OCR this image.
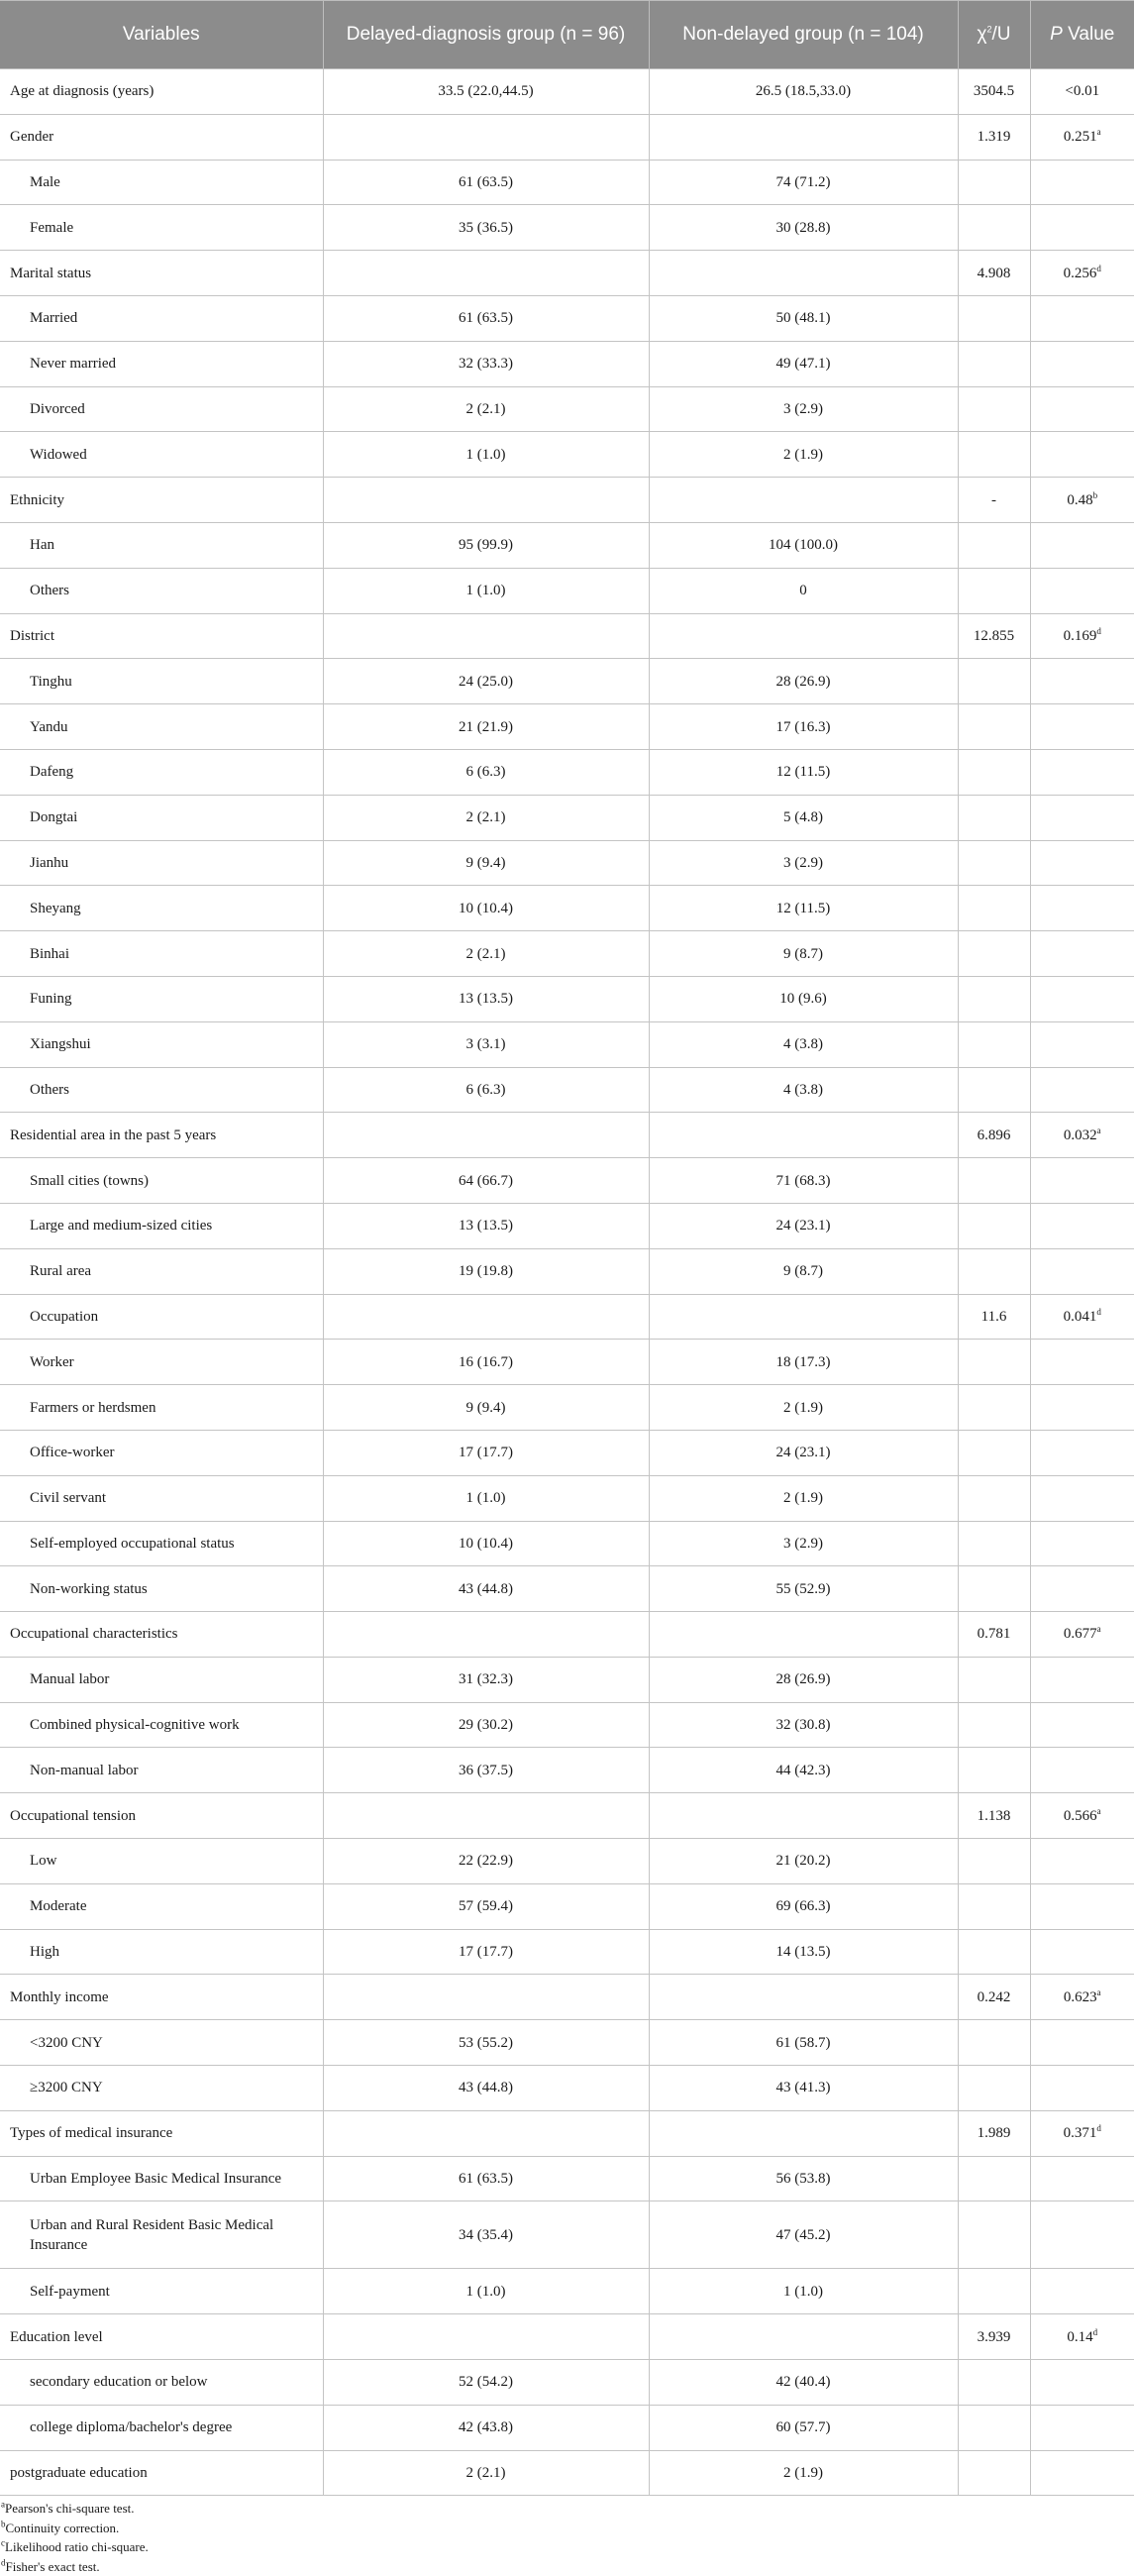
Variables	Delayed-diagnosis group (n = 96)	Non-delayed group (n = 104)	$\chi^2/U$	P Value
Age at diagnosis (years)	33.5 (22.0,44.5)	26.5 (18.5,33.0)	3504.5	<0.01
Gender			1.319	0.251$^a$
Male	61 (63.5)	74 (71.2)		
Female	35 (36.5)	30 (28.8)		
Marital status			4.908	0.256$^d$
Married	61 (63.5)	50 (48.1)		
Never married	32 (33.3)	49 (47.1)		
Divorced	2 (2.1)	3 (2.9)		
Widowed	1 (1.0)	2 (1.9)		
Ethnicity			-	0.48$^b$
Han	95 (99.9)	104 (100.0)		
Others	1 (1.0)	0		
District			12.855	0.169$^d$
Tinghu	24 (25.0)	28 (26.9)		
Yandu	21 (21.9)	17 (16.3)		
Dafeng	6 (6.3)	12 (11.5)		
Dongtai	2 (2.1)	5 (4.8)		
Jianhu	9 (9.4)	3 (2.9)		
Sheyang	10 (10.4)	12 (11.5)		
Binhai	2 (2.1)	9 (8.7)		
Funing	13 (13.5)	10 (9.6)		
Xiangshui	3 (3.1)	4 (3.8)		
Others	6 (6.3)	4 (3.8)		
Residential area in the past 5 years			6.896	0.032$^a$
Small cities (towns)	64 (66.7)	71 (68.3)		
Large and medium-sized cities	13 (13.5)	24 (23.1)		
Rural area	19 (19.8)	9 (8.7)		
Occupation			11.6	0.041$^d$
Worker	16 (16.7)	18 (17.3)		
Farmers or herdsmen	9 (9.4)	2 (1.9)		
Office-worker	17 (17.7)	24 (23.1)		
Civil servant	1 (1.0)	2 (1.9)		
Self-employed occupational status	10 (10.4)	3 (2.9)		
Non-working status	43 (44.8)	55 (52.9)		
Occupational characteristics			0.781	0.677$^a$
Manual labor	31 (32.3)	28 (26.9)		
Combined physical-cognitive work	29 (30.2)	32 (30.8)		
Non-manual labor	36 (37.5)	44 (42.3)		
Occupational tension			1.138	0.566$^a$
Low	22 (22.9)	21 (20.2)		
Moderate	57 (59.4)	69 (66.3)		
High	17 (17.7)	14 (13.5)		
Monthly income			0.242	0.623$^a$
<3200 CNY	53 (55.2)	61 (58.7)		
≥3200 CNY	43 (44.8)	43 (41.3)		
Types of medical insurance			1.989	0.371$^d$
Urban Employee Basic Medical Insurance	61 (63.5)	56 (53.8)		
Urban and Rural Resident Basic Medical Insurance	34 (35.4)	47 (45.2)		
Self-payment	1 (1.0)	1 (1.0)		
Education level			3.939	0.14$^d$
secondary education or below	52 (54.2)	42 (40.4)		
college diploma/bachelor's degree	42 (43.8)	60 (57.7)		
postgraduate education	2 (2.1)	2 (1.9)		
$^a$Pearson's chi-square test.
$^b$Continuity correction.
$^c$Likelihood ratio chi-square.
$^d$Fisher's exact test.
